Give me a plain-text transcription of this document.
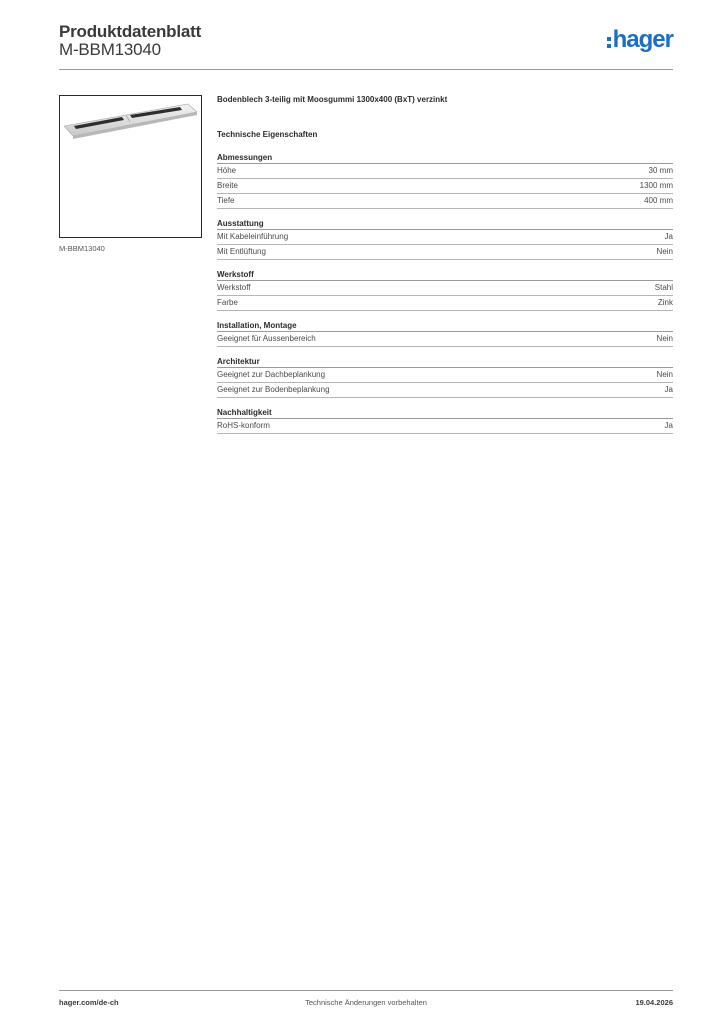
Produktdatenblatt
M-BBM13040	hager
M-BBM13040
Bodenblech 3-teilig mit Moosgummi 1300x400 (BxT) verzinkt
Technische Eigenschaften
Abmessungen
Höhe	30 mm
Breite	1300 mm
Tiefe	400 mm
Ausstattung
Mit Kabeleinführung	Ja
Mit Entlüftung	Nein
Werkstoff
Werkstoff	Stahl
Farbe	Zink
Installation, Montage
Geeignet für Aussenbereich	Nein
Architektur
Geeignet zur Dachbeplankung	Nein
Geeignet zur Bodenbeplankung	Ja
Nachhaltigkeit
RoHS-konform	Ja
Technische Änderungen vorbehalten
hager.com/de-ch	19.04.2026
